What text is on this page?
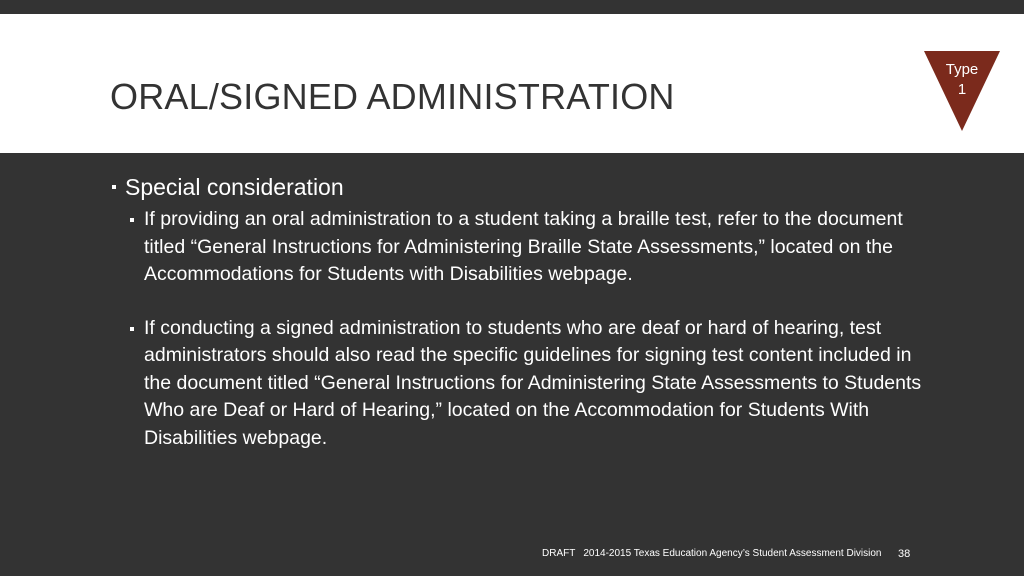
ORAL/SIGNED ADMINISTRATION
Type
1

Special consideration

If providing an oral administration to a student taking a braille test, refer to the document titled “General Instructions for Administering Braille State Assessments,” located on the Accommodations for Students with Disabilities webpage.

If conducting a signed administration to students who are deaf or hard of hearing, test administrators should also read the specific guidelines for signing test content included in the document titled “General Instructions for Administering State Assessments to Students Who are Deaf or Hard of Hearing,” located on the Accommodation for Students With Disabilities webpage.

DRAFT 2014-2015 Texas Education Agency’s Student Assessment Division 38
